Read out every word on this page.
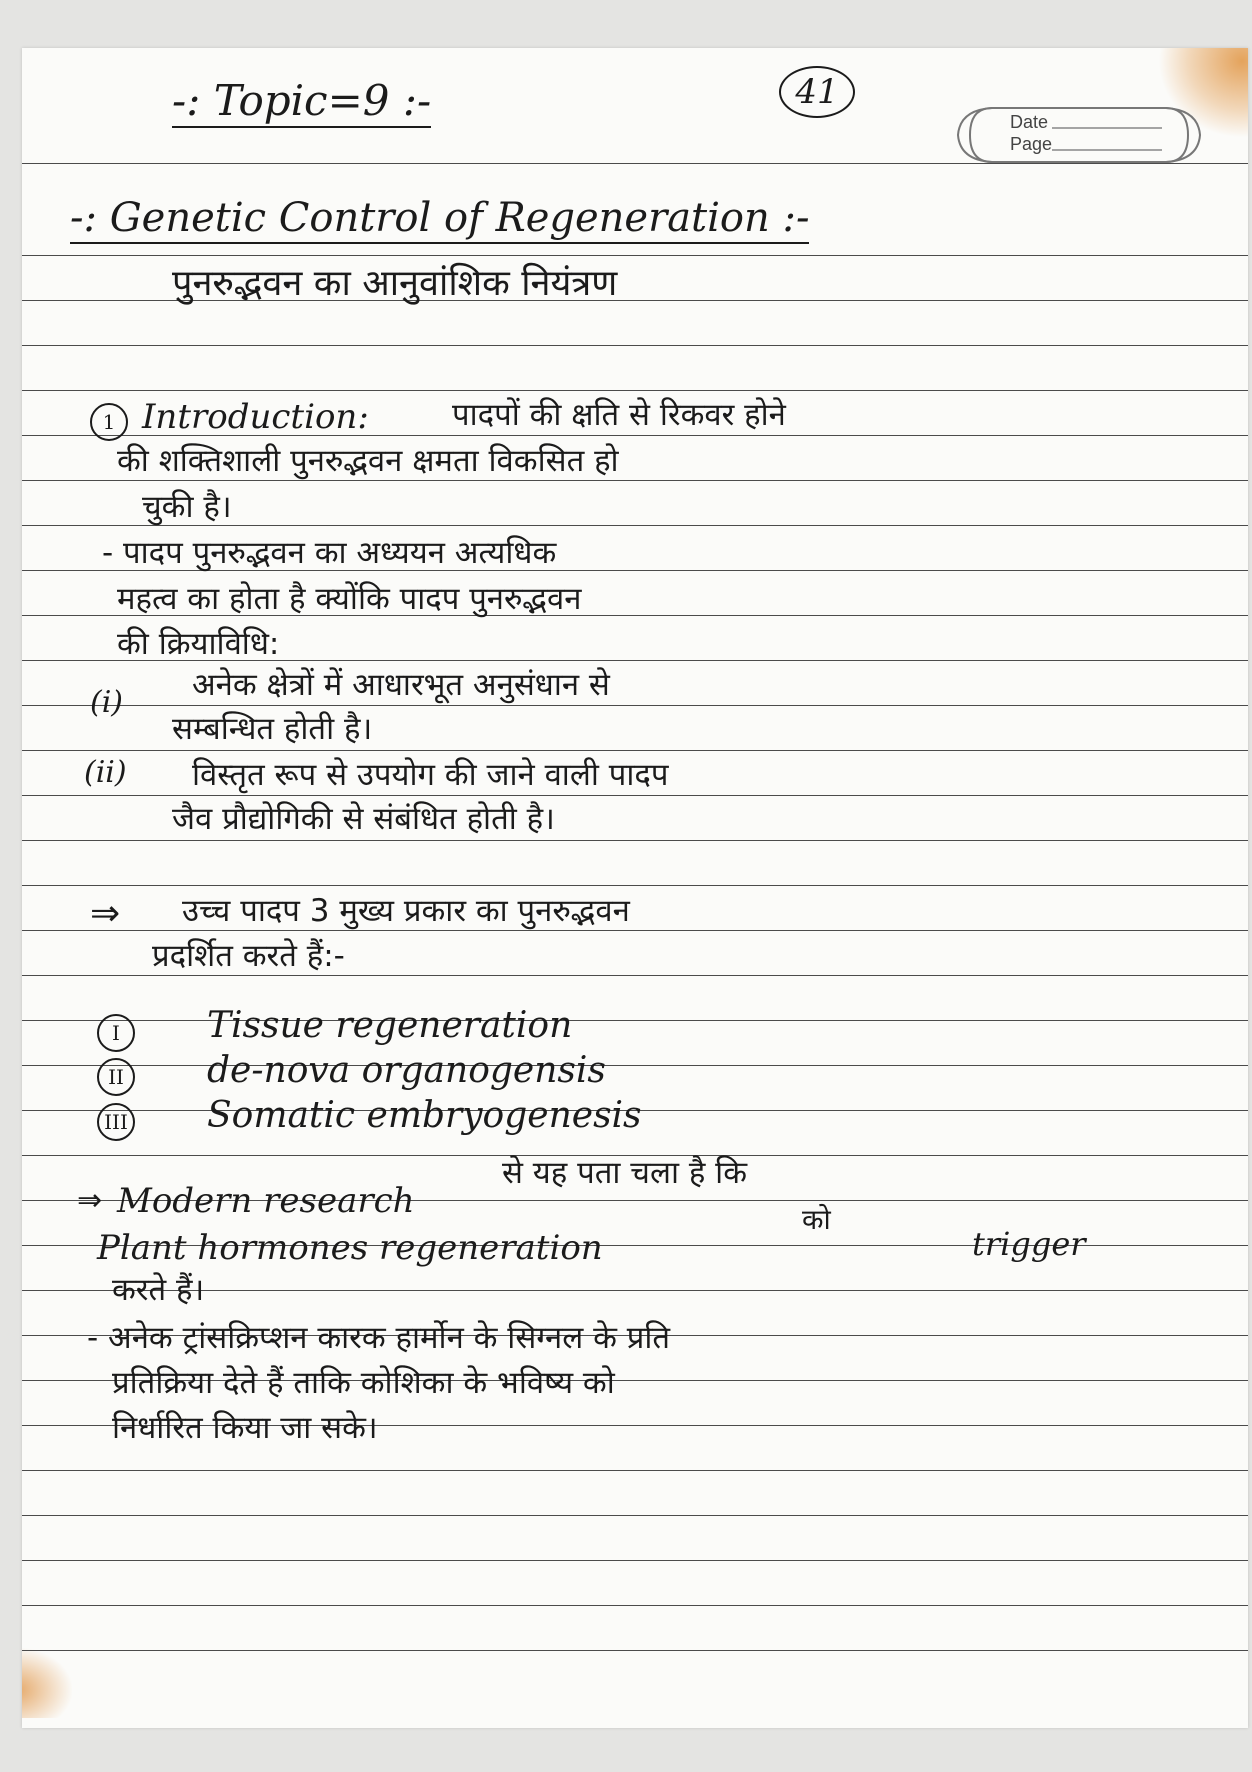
-: Topic=9 :-	41
Date
Page
-: Genetic Control of Regeneration :-
पुनरुद्भवन का आनुवांशिक नियंत्रण
1 Introduction:	पादपों की क्षति से रिकवर होने
की शक्तिशाली पुनरुद्भवन क्षमता विकसित हो
चुकी है।
- पादप पुनरुद्भवन का अध्ययन अत्यधिक
महत्व का होता है क्योंकि पादप पुनरुद्भवन
की क्रियाविधि:
(i) अनेक क्षेत्रों में आधारभूत अनुसंधान से
सम्बन्धित होती है।
(ii) विस्तृत रूप से उपयोग की जाने वाली पादप
जैव प्रौद्योगिकी से संबंधित होती है।
⇒ उच्च पादप 3 मुख्य प्रकार का पुनरुद्भवन
प्रदर्शित करते हैं:-
I	Tissue regeneration
II	de-nova organogensis
III Somatic embryogenesis
से यह पता चला है कि
⇒ Modern research
Plant hormones regeneration
को
trigger
करते हैं।
- अनेक ट्रांसक्रिप्शन कारक हार्मोन के सिग्नल के प्रति
प्रतिक्रिया देते हैं ताकि कोशिका के भविष्य को
निर्धारित किया जा सके।
